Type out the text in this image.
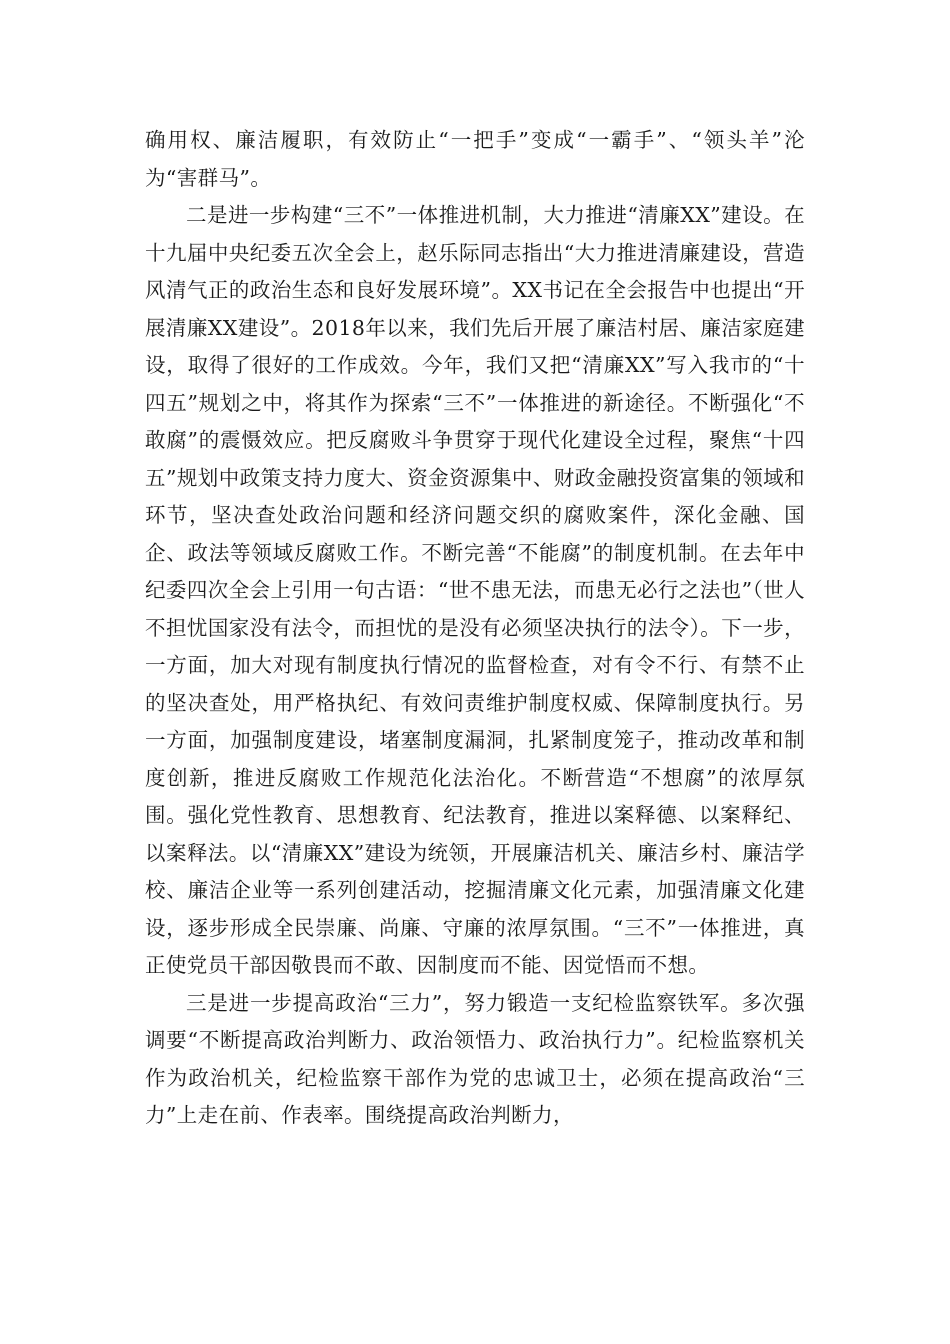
确用权、廉洁履职，有效防止“一把手”变成“一霸手”、“领头羊”沦为“害群马”。

二是进一步构建“三不”一体推进机制，大力推进“清廉XX”建设。在十九届中央纪委五次全会上，赵乐际同志指出“大力推进清廉建设，营造风清气正的政治生态和良好发展环境”。XX书记在全会报告中也提出“开展清廉XX建设”。2018年以来，我们先后开展了廉洁村居、廉洁家庭建设，取得了很好的工作成效。今年，我们又把“清廉XX”写入我市的“十四五”规划之中，将其作为探索“三不”一体推进的新途径。不断强化“不敢腐”的震慑效应。把反腐败斗争贯穿于现代化建设全过程，聚焦“十四五”规划中政策支持力度大、资金资源集中、财政金融投资富集的领域和环节，坚决查处政治问题和经济问题交织的腐败案件，深化金融、国企、政法等领域反腐败工作。不断完善“不能腐”的制度机制。在去年中纪委四次全会上引用一句古语：“世不患无法，而患无必行之法也”（世人不担忧国家没有法令，而担忧的是没有必须坚决执行的法令）。下一步，一方面，加大对现有制度执行情况的监督检查，对有令不行、有禁不止的坚决查处，用严格执纪、有效问责维护制度权威、保障制度执行。另一方面，加强制度建设，堵塞制度漏洞，扎紧制度笼子，推动改革和制度创新，推进反腐败工作规范化法治化。不断营造“不想腐”的浓厚氛围。强化党性教育、思想教育、纪法教育，推进以案释德、以案释纪、以案释法。以“清廉XX”建设为统领，开展廉洁机关、廉洁乡村、廉洁学校、廉洁企业等一系列创建活动，挖掘清廉文化元素，加强清廉文化建设，逐步形成全民崇廉、尚廉、守廉的浓厚氛围。“三不”一体推进，真正使党员干部因敬畏而不敢、因制度而不能、因觉悟而不想。

三是进一步提高政治“三力”，努力锻造一支纪检监察铁军。多次强调要“不断提高政治判断力、政治领悟力、政治执行力”。纪检监察机关作为政治机关，纪检监察干部作为党的忠诚卫士，必须在提高政治“三力”上走在前、作表率。围绕提高政治判断力，
